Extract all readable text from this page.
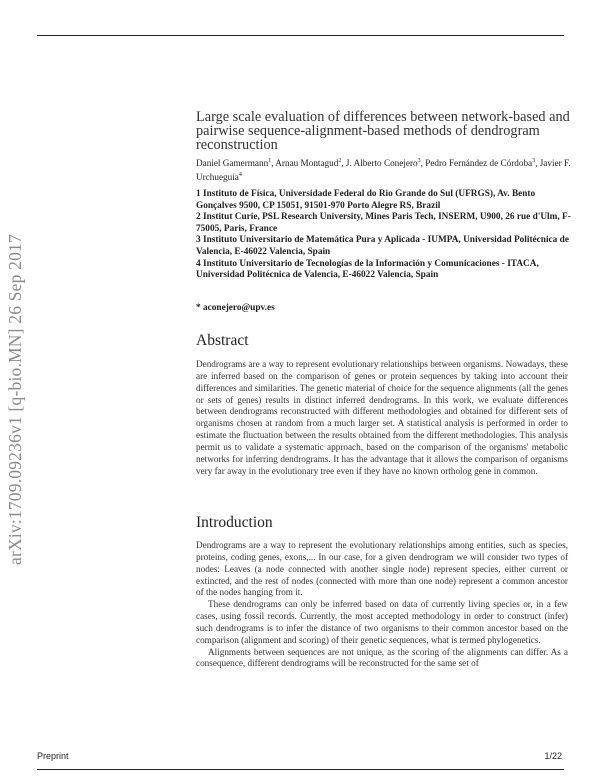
arXiv:1709.09236v1 [q-bio.MN] 26 Sep 2017
Large scale evaluation of differences between network-based and pairwise sequence-alignment-based methods of dendrogram reconstruction
Daniel Gamermann$^1$, Arnau Montagud$^2$, J. Alberto Conejero$^3$, Pedro Fernández de Córdoba$^3$, Javier F. Urchueguía$^4$

1 Instituto de Física, Universidade Federal do Rio Grande do Sul (UFRGS), Av. Bento Gonçalves 9500, CP 15051, 91501-970 Porto Alegre RS, Brazil

2 Institut Curie, PSL Research University, Mines Paris Tech, INSERM, U900, 26 rue d'Ulm, F-75005, Paris, France

3 Instituto Universitario de Matemática Pura y Aplicada - IUMPA, Universidad Politécnica de Valencia, E-46022 Valencia, Spain

4 Instituto Universitario de Tecnologías de la Información y Comunicaciones - ITACA, Universidad Politécnica de Valencia, E-46022 Valencia, Spain

* aconejero@upv.es
Abstract

Dendrograms are a way to represent evolutionary relationships between organisms. Nowadays, these are inferred based on the comparison of genes or protein sequences by taking into account their differences and similarities. The genetic material of choice for the sequence alignments (all the genes or sets of genes) results in distinct inferred dendrograms. In this work, we evaluate differences between dendrograms reconstructed with different methodologies and obtained for different sets of organisms chosen at random from a much larger set. A statistical analysis is performed in order to estimate the fluctuation between the results obtained from the different methodologies. This analysis permit us to validate a systematic approach, based on the comparison of the organisms' metabolic networks for inferring dendrograms. It has the advantage that it allows the comparison of organisms very far away in the evolutionary tree even if they have no known ortholog gene in common.

Introduction

Dendrograms are a way to represent the evolutionary relationships among entities, such as species, proteins, coding genes, exons,... In our case, for a given dendrogram we will consider two types of nodes: Leaves (a node connected with another single node) represent species, either current or extincted, and the rest of nodes (connected with more than one node) represent a common ancestor of the nodes hanging from it.

These dendrograms can only be inferred based on data of currently living species or, in a few cases, using fossil records. Currently, the most accepted methodology in order to construct (infer) such dendrograms is to infer the distance of two organisms to their common ancestor based on the comparison (alignment and scoring) of their genetic sequences, what is termed phylogenetics.

Alignments between sequences are not unique, as the scoring of the alignments can differ. As a consequence, different dendrograms will be reconstructed for the same set of

Preprint	1/22
